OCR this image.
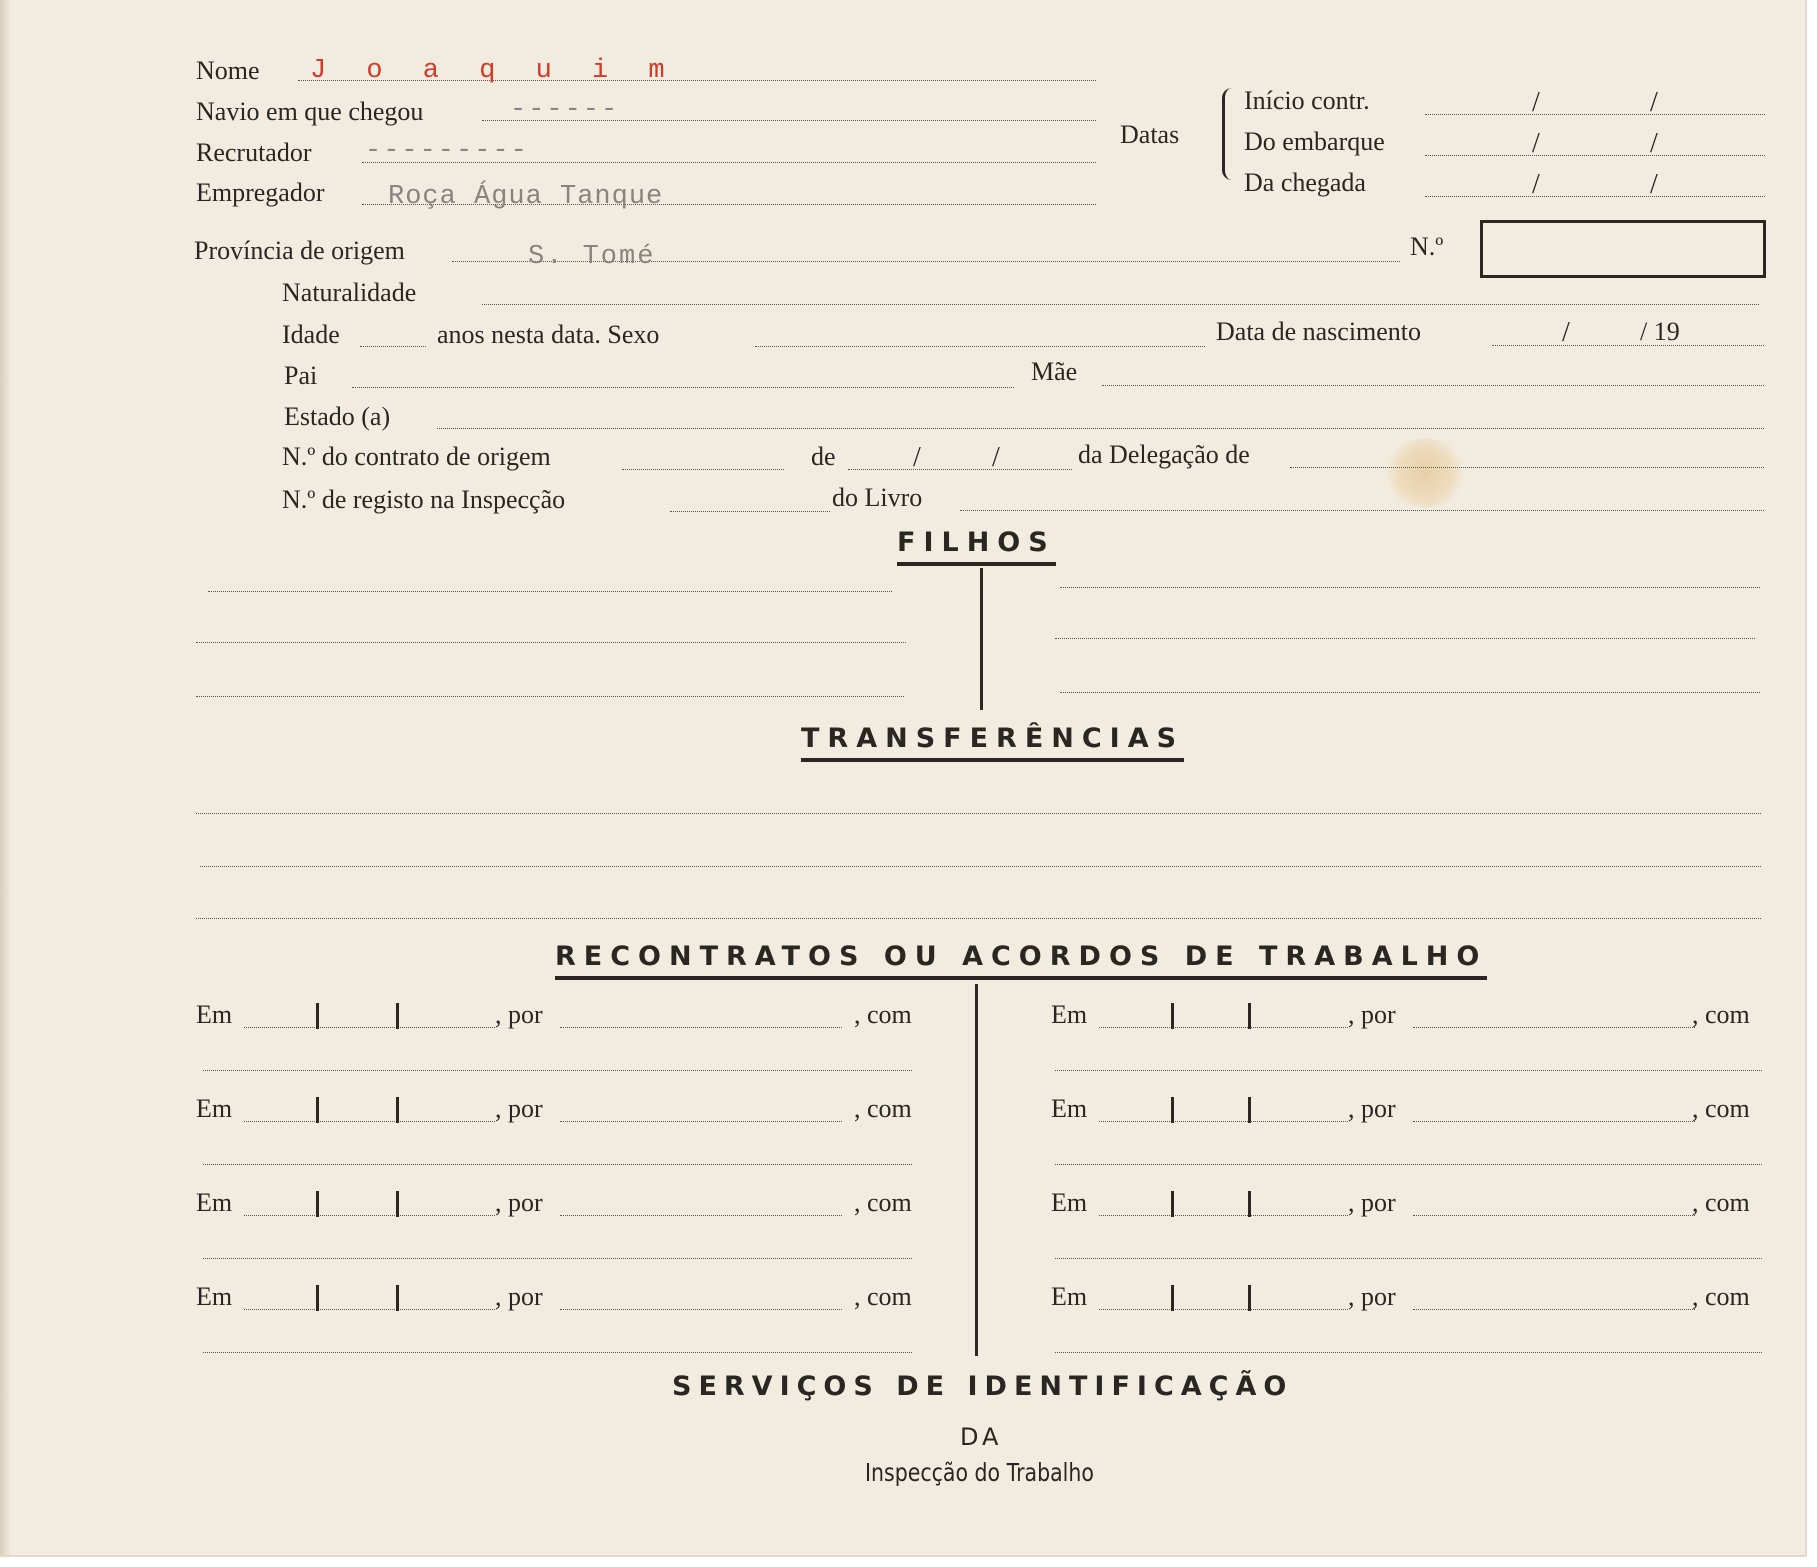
Nome J o a q u i m
Navio em que chegou	------
Recrutador ---------
Empregador Roça Água Tanque
Datas
Início contr.	/	/
Do embarque	/	/
Da chegada	/	/
Província de origem	S. Tomé	N.º
Naturalidade
Idade	anos nesta data. Sexo	Data de nascimento	/	/ 19
Pai	Mãe
Estado (a)
N.º do contrato de origem	de	/	/	da Delegação de
N.º de registo na Inspecção	do Livro
FILHOS
TRANSFERÊNCIAS
RECONTRATOS OU ACORDOS DE TRABALHO
Em	, por	, com
Em	, por	, com
Em	, por	, com
Em	, por	, com
Em	, por	, com
Em	, por	, com
Em	, por	, com
Em	, por	, com
SERVIÇOS DE IDENTIFICAÇÃO
DA
Inspecção do Trabalho
